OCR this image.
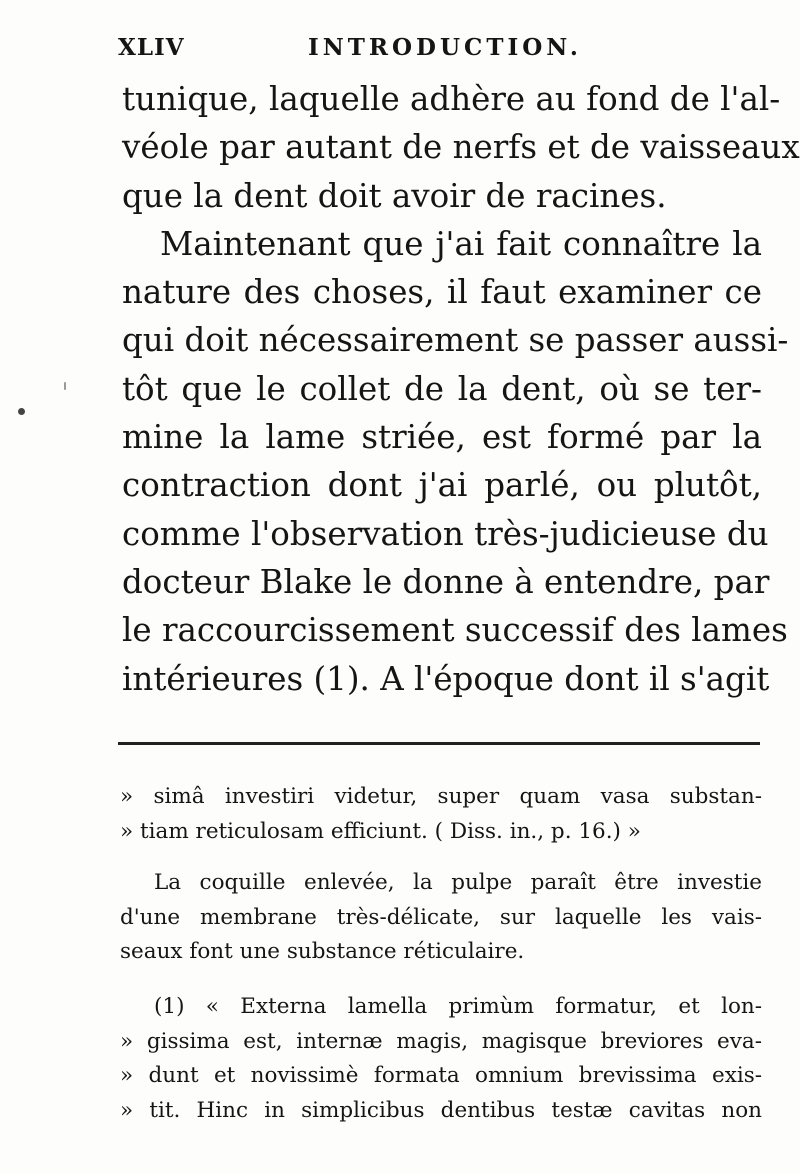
XLIV	INTRODUCTION.
tunique, laquelle adhère au fond de l'al-
véole par autant de nerfs et de vaisseaux
que la dent doit avoir de racines.
Maintenant que j'ai fait connaître la
nature des choses, il faut examiner ce
qui doit nécessairement se passer aussi-
tôt que le collet de la dent, où se ter-
mine la lame striée, est formé par la
contraction dont j'ai parlé, ou plutôt,
comme l'observation très-judicieuse du
docteur Blake le donne à entendre, par
le raccourcissement successif des lames
intérieures (1). A l'époque dont il s'agit
» simâ investiri videtur, super quam vasa substan-
» tiam reticulosam efficiunt. ( Diss. in., p. 16.) »
La coquille enlevée, la pulpe paraît être investie
d'une membrane très-délicate, sur laquelle les vais-
seaux font une substance réticulaire.
(1) « Externa lamella primùm formatur, et lon-
» gissima est, internæ magis, magisque breviores eva-
» dunt et novissimè formata omnium brevissima exis-
» tit. Hinc in simplicibus dentibus testæ cavitas non
